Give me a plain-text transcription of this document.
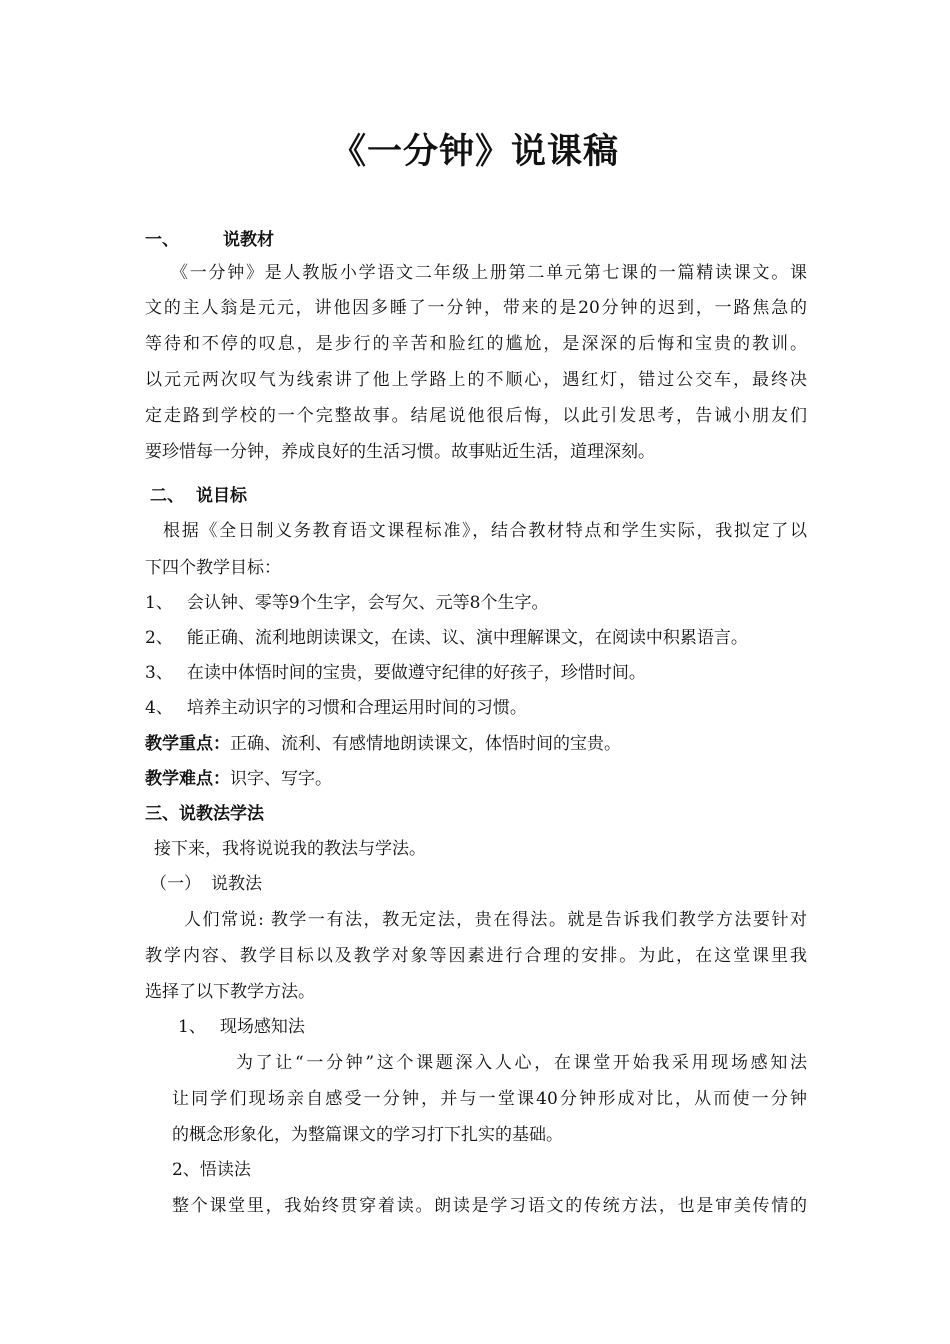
《一分钟》说课稿
一、	说教材
《一分钟》是人教版小学语文二年级上册第二单元第七课的一篇精读课文。课
文的主人翁是元元，讲他因多睡了一分钟，带来的是20分钟的迟到，一路焦急的
等待和不停的叹息，是步行的辛苦和脸红的尴尬，是深深的后悔和宝贵的教训。
以元元两次叹气为线索讲了他上学路上的不顺心，遇红灯，错过公交车，最终决
定走路到学校的一个完整故事。结尾说他很后悔，以此引发思考，告诫小朋友们
要珍惜每一分钟，养成良好的生活习惯。故事贴近生活，道理深刻。
二、 说目标
根据《全日制义务教育语文课程标准》，结合教材特点和学生实际，我拟定了以
下四个教学目标：
1、 会认钟、零等9个生字，会写欠、元等8个生字。
2、 能正确、流利地朗读课文，在读、议、演中理解课文，在阅读中积累语言。
3、 在读中体悟时间的宝贵，要做遵守纪律的好孩子，珍惜时间。
4、 培养主动识字的习惯和合理运用时间的习惯。
教学重点：正确、流利、有感情地朗读课文，体悟时间的宝贵。
教学难点：识字、写字。
三、说教法学法
接下来，我将说说我的教法与学法。
（一） 说教法
人们常说: 教学一有法，教无定法，贵在得法。就是告诉我们教学方法要针对
教学内容、教学目标以及教学对象等因素进行合理的安排。为此，在这堂课里我
选择了以下教学方法。
1、 现场感知法
为了让“一分钟”这个课题深入人心，在课堂开始我采用现场感知法
让同学们现场亲自感受一分钟，并与一堂课40分钟形成对比，从而使一分钟
的概念形象化，为整篇课文的学习打下扎实的基础。
2、悟读法
整个课堂里，我始终贯穿着读。朗读是学习语文的传统方法，也是审美传情的
